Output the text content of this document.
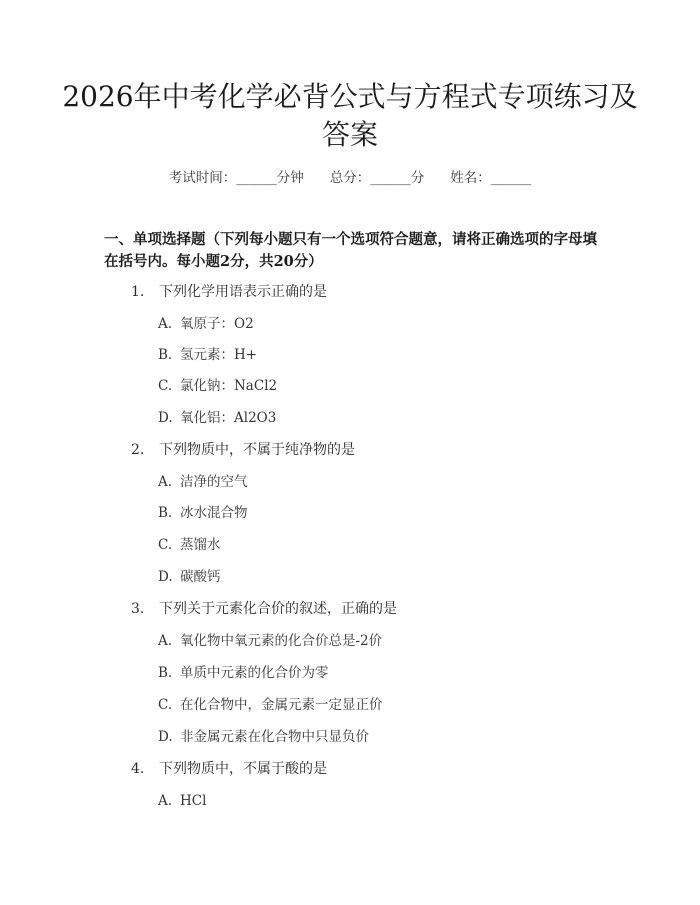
2026年中考化学必背公式与方程式专项练习及答案
考试时间：______分钟 总分：______分 姓名：______

一、单项选择题（下列每小题只有一个选项符合题意，请将正确选项的字母填在括号内。每小题2分，共20分）

1. 下列化学用语表示正确的是
A. 氧原子：O2
B. 氢元素：H+
C. 氯化钠：NaCl2
D. 氧化铝：Al2O3
2. 下列物质中，不属于纯净物的是
A. 洁净的空气
B. 冰水混合物
C. 蒸馏水
D. 碳酸钙
3. 下列关于元素化合价的叙述，正确的是
A. 氧化物中氧元素的化合价总是-2价
B. 单质中元素的化合价为零
C. 在化合物中，金属元素一定显正价
D. 非金属元素在化合物中只显负价
4. 下列物质中，不属于酸的是
A. HCl
